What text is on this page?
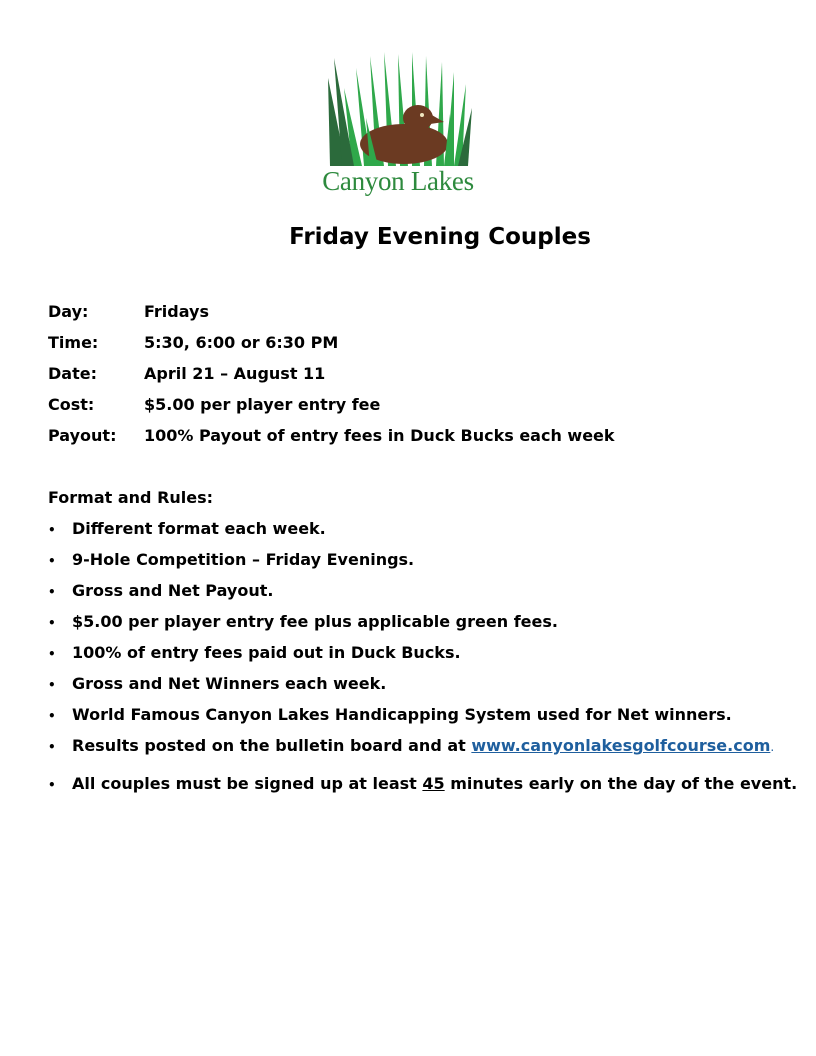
Canyon Lakes
Friday Evening Couples
Day:	Fridays
Time:	5:30, 6:00 or 6:30 PM
Date:	April 21 – August 11
Cost:	$5.00 per player entry fee
Payout: 100% Payout of entry fees in Duck Bucks each week
Format and Rules:
• Different format each week.
• 9-Hole Competition – Friday Evenings.
• Gross and Net Payout.
• $5.00 per player entry fee plus applicable green fees.
• 100% of entry fees paid out in Duck Bucks.
• Gross and Net Winners each week.
• World Famous Canyon Lakes Handicapping System used for Net winners.
• Results posted on the bulletin board and at www.canyonlakesgolfcourse.com.
• All couples must be signed up at least 45 minutes early on the day of the event.
